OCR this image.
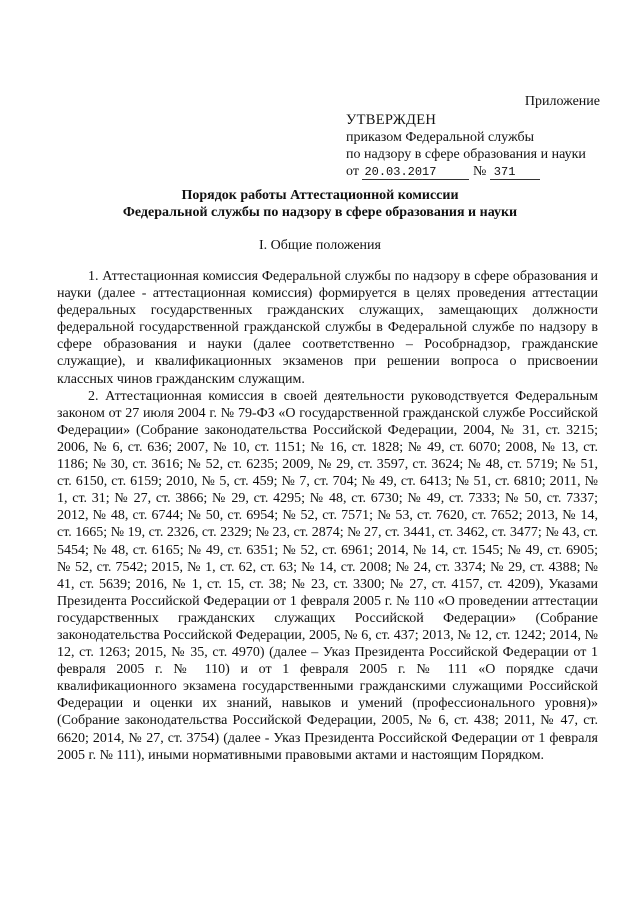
Приложение
УТВЕРЖДЕН
приказом Федеральной службы
по надзору в сфере образования и науки
от 20.03.2017	№ 371
Порядок работы Аттестационной комиссии
Федеральной службы по надзору в сфере образования и науки
I. Общие положения

1. Аттестационная комиссия Федеральной службы по надзору в сфере образования и науки (далее - аттестационная комиссия) формируется в целях проведения аттестации федеральных государственных гражданских служащих, замещающих должности федеральной государственной гражданской службы в Федеральной службе по надзору в сфере образования и науки (далее соответственно – Рособрнадзор, гражданские служащие), и квалификационных экзаменов при решении вопроса о присвоении классных чинов гражданским служащим.

2. Аттестационная комиссия в своей деятельности руководствуется Федеральным законом от 27 июля 2004 г. № 79-ФЗ «О государственной гражданской службе Российской Федерации» (Собрание законодательства Российской Федерации, 2004, № 31, ст. 3215; 2006, № 6, ст. 636; 2007, № 10, ст. 1151; № 16, ст. 1828; № 49, ст. 6070; 2008, № 13, ст. 1186; № 30, ст. 3616; № 52, ст. 6235; 2009, № 29, ст. 3597, ст. 3624; № 48, ст. 5719; № 51, ст. 6150, ст. 6159; 2010, № 5, ст. 459; № 7, ст. 704; № 49, ст. 6413; № 51, ст. 6810; 2011, № 1, ст. 31; № 27, ст. 3866; № 29, ст. 4295; № 48, ст. 6730; № 49, ст. 7333; № 50, ст. 7337; 2012, № 48, ст. 6744; № 50, ст. 6954; № 52, ст. 7571; № 53, ст. 7620, ст. 7652; 2013, № 14, ст. 1665; № 19, ст. 2326, ст. 2329; № 23, ст. 2874; № 27, ст. 3441, ст. 3462, ст. 3477; № 43, ст. 5454; № 48, ст. 6165; № 49, ст. 6351; № 52, ст. 6961; 2014, № 14, ст. 1545; № 49, ст. 6905; № 52, ст. 7542; 2015, № 1, ст. 62, ст. 63; № 14, ст. 2008; № 24, ст. 3374; № 29, ст. 4388; № 41, ст. 5639; 2016, № 1, ст. 15, ст. 38; № 23, ст. 3300; № 27, ст. 4157, ст. 4209), Указами Президента Российской Федерации от 1 февраля 2005 г. № 110 «О проведении аттестации государственных гражданских служащих Российской Федерации» (Собрание законодательства Российской Федерации, 2005, № 6, ст. 437; 2013, № 12, ст. 1242; 2014, № 12, ст. 1263; 2015, № 35, ст. 4970) (далее – Указ Президента Российской Федерации от 1 февраля 2005 г. № 110) и от 1 февраля 2005 г. № 111 «О порядке сдачи квалификационного экзамена государственными гражданскими служащими Российской Федерации и оценки их знаний, навыков и умений (профессионального уровня)» (Собрание законодательства Российской Федерации, 2005, № 6, ст. 438; 2011, № 47, ст. 6620; 2014, № 27, ст. 3754) (далее - Указ Президента Российской Федерации от 1 февраля 2005 г. № 111), иными нормативными правовыми актами и настоящим Порядком.
